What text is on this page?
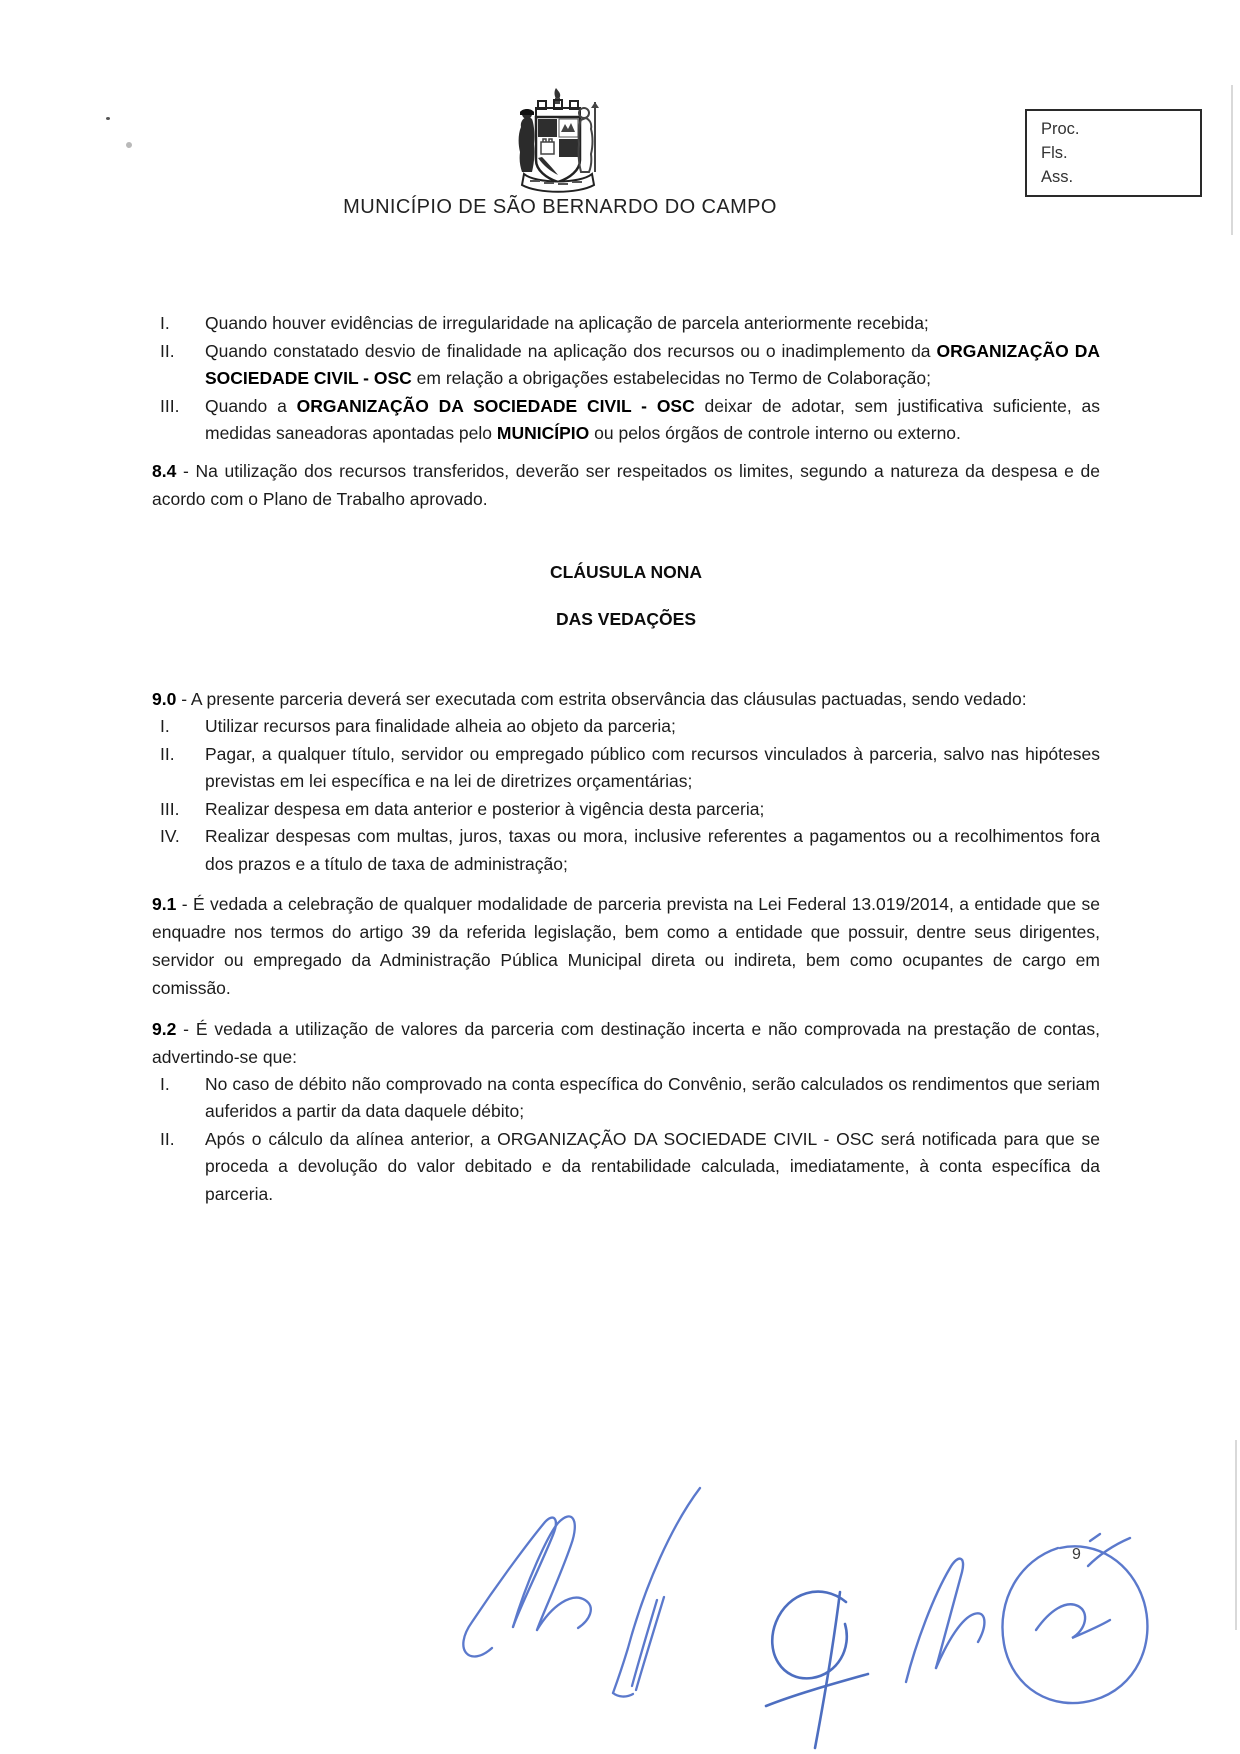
MUNICÍPIO DE SÃO BERNARDO DO CAMPO
Proc.
Fls.
Ass.
I.	Quando houver evidências de irregularidade na aplicação de parcela anteriormente recebida;
II.	Quando constatado desvio de finalidade na aplicação dos recursos ou o inadimplemento da ORGANIZAÇÃO DA SOCIEDADE CIVIL - OSC em relação a obrigações estabelecidas no Termo de Colaboração;
III.	Quando a ORGANIZAÇÃO DA SOCIEDADE CIVIL - OSC deixar de adotar, sem justificativa suficiente, as medidas saneadoras apontadas pelo MUNICÍPIO ou pelos órgãos de controle interno ou externo.

8.4 - Na utilização dos recursos transferidos, deverão ser respeitados os limites, segundo a natureza da despesa e de acordo com o Plano de Trabalho aprovado.

CLÁUSULA NONA

DAS VEDAÇÕES

9.0 - A presente parceria deverá ser executada com estrita observância das cláusulas pactuadas, sendo vedado:

I.	Utilizar recursos para finalidade alheia ao objeto da parceria;
II.	Pagar, a qualquer título, servidor ou empregado público com recursos vinculados à parceria, salvo nas hipóteses previstas em lei específica e na lei de diretrizes orçamentárias;
III.	Realizar despesa em data anterior e posterior à vigência desta parceria;
IV.	Realizar despesas com multas, juros, taxas ou mora, inclusive referentes a pagamentos ou a recolhimentos fora dos prazos e a título de taxa de administração;

9.1 - É vedada a celebração de qualquer modalidade de parceria prevista na Lei Federal 13.019/2014, a entidade que se enquadre nos termos do artigo 39 da referida legislação, bem como a entidade que possuir, dentre seus dirigentes, servidor ou empregado da Administração Pública Municipal direta ou indireta, bem como ocupantes de cargo em comissão.

9.2 - É vedada a utilização de valores da parceria com destinação incerta e não comprovada na prestação de contas, advertindo-se que:

I.	No caso de débito não comprovado na conta específica do Convênio, serão calculados os rendimentos que seriam auferidos a partir da data daquele débito;
II.	Após o cálculo da alínea anterior, a ORGANIZAÇÃO DA SOCIEDADE CIVIL - OSC será notificada para que se proceda a devolução do valor debitado e da rentabilidade calculada, imediatamente, à conta específica da parceria.
9
